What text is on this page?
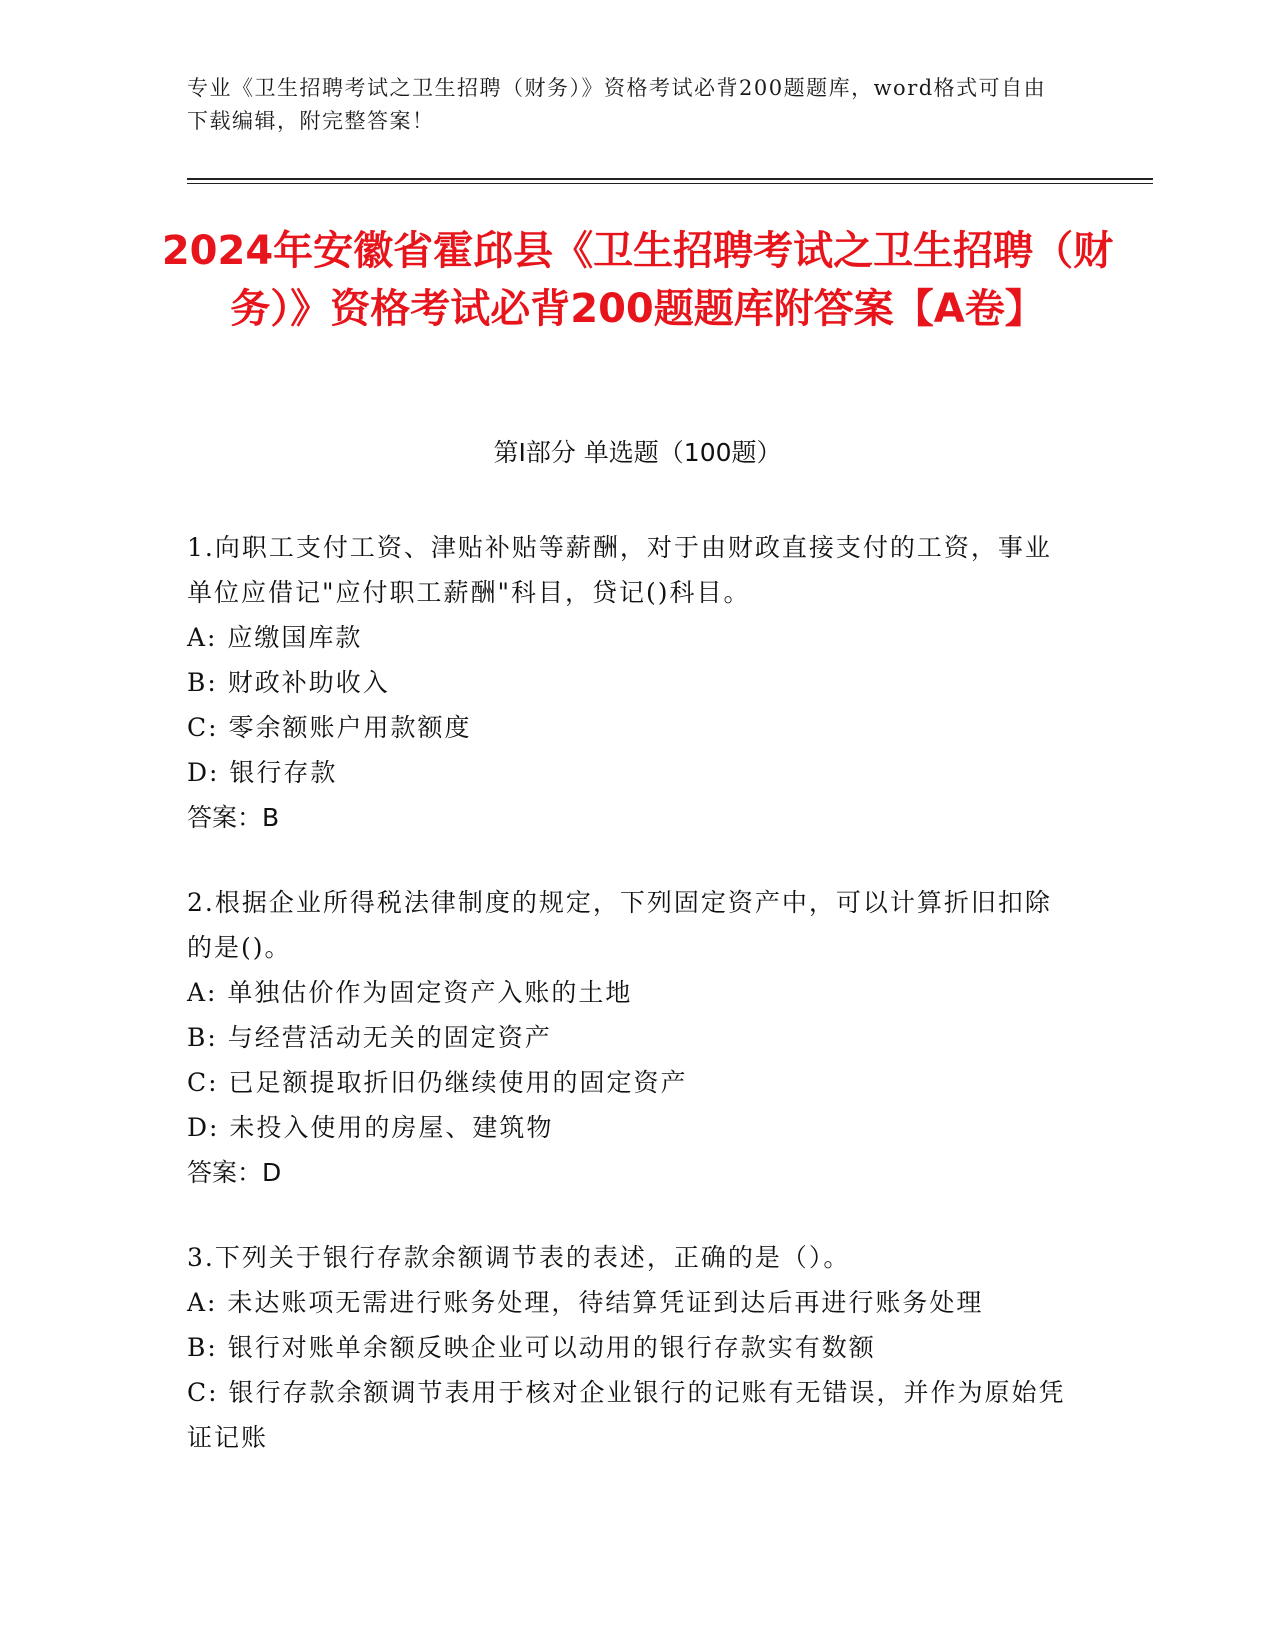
专业《卫生招聘考试之卫生招聘（财务）》资格考试必背200题题库，word格式可自由下载编辑，附完整答案！
2024年安徽省霍邱县《卫生招聘考试之卫生招聘（财务）》资格考试必背200题题库附答案【A卷】
第I部分 单选题（100题）

1.向职工支付工资、津贴补贴等薪酬，对于由财政直接支付的工资，事业单位应借记"应付职工薪酬"科目，贷记()科目。

A: 应缴国库款

B: 财政补助收入

C: 零余额账户用款额度

D: 银行存款

答案：B

2.根据企业所得税法律制度的规定，下列固定资产中，可以计算折旧扣除的是()。

A: 单独估价作为固定资产入账的土地

B: 与经营活动无关的固定资产

C: 已足额提取折旧仍继续使用的固定资产

D: 未投入使用的房屋、建筑物

答案：D

3.下列关于银行存款余额调节表的表述，正确的是（）。

A: 未达账项无需进行账务处理，待结算凭证到达后再进行账务处理

B: 银行对账单余额反映企业可以动用的银行存款实有数额

C: 银行存款余额调节表用于核对企业银行的记账有无错误，并作为原始凭证记账
